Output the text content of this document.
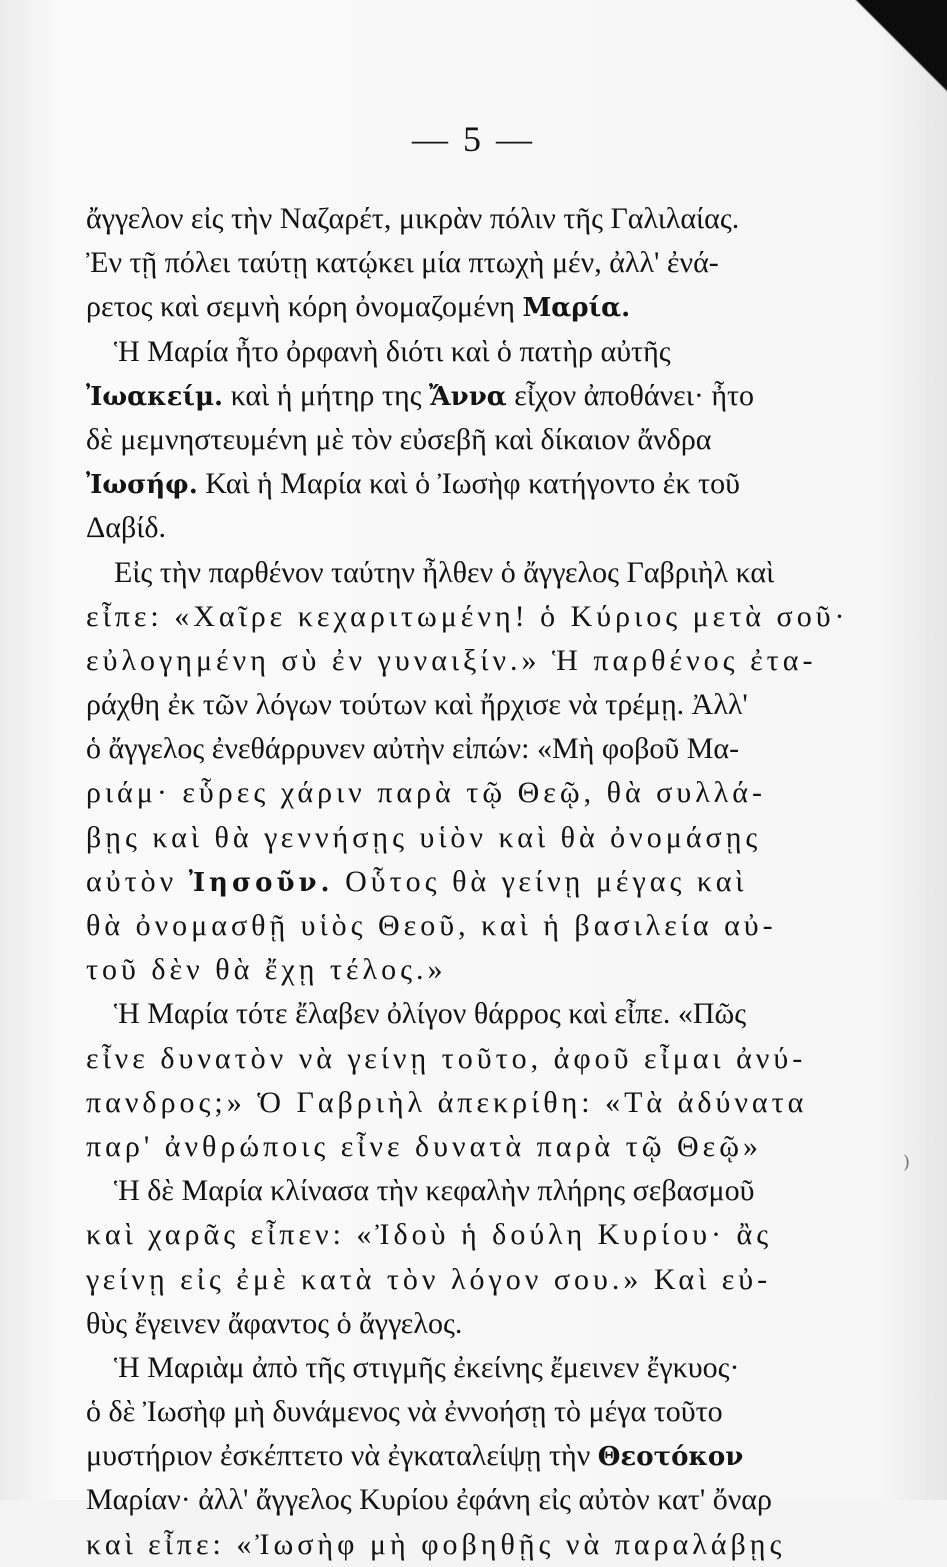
— 5 —
ἄγγελον εἰς τὴν Ναζαρέτ, μικρὰν πόλιν τῆς Γαλιλαίας.
Ἐν τῇ πόλει ταύτῃ κατῴκει μία πτωχὴ μέν, ἀλλ' ἐνά-
ρετος καὶ σεμνὴ κόρη ὀνομαζομένη Μαρία.
Ἡ Μαρία ἦτο ὀρφανὴ διότι καὶ ὁ πατὴρ αὐτῆς
Ἰωακείμ. καὶ ἡ μήτηρ της Ἄννα εἶχον ἀποθάνει· ἦτο
δὲ μεμνηστευμένη μὲ τὸν εὐσεβῆ καὶ δίκαιον ἄνδρα
Ἰωσήφ. Καὶ ἡ Μαρία καὶ ὁ Ἰωσὴφ κατήγοντο ἐκ τοῦ
Δαβίδ.
Εἰς τὴν παρθένον ταύτην ἦλθεν ὁ ἄγγελος Γαβριὴλ καὶ
εἶπε: «Χαῖρε κεχαριτωμένη! ὁ Κύριος μετὰ σοῦ·
εὐλογημένη σὺ ἐν γυναιξίν.» Ἡ παρθένος ἐτα-
ράχθη ἐκ τῶν λόγων τούτων καὶ ἤρχισε νὰ τρέμῃ. Ἀλλ'
ὁ ἄγγελος ἐνεθάρρυνεν αὐτὴν εἰπών: «Μὴ φοβοῦ Μα-
ριάμ· εὗρες χάριν παρὰ τῷ Θεῷ, θὰ συλλά-
βῃς καὶ θὰ γεννήσῃς υἱὸν καὶ θὰ ὀνομάσῃς
αὐτὸν Ἰησοῦν. Οὗτος θὰ γείνῃ μέγας καὶ
θὰ ὀνομασθῇ υἱὸς Θεοῦ, καὶ ἡ βασιλεία αὐ-
τοῦ δὲν θὰ ἔχῃ τέλος.»
Ἡ Μαρία τότε ἔλαβεν ὀλίγον θάρρος καὶ εἶπε. «Πῶς
εἶνε δυνατὸν νὰ γείνῃ τοῦτο, ἀφοῦ εἶμαι ἀνύ-
πανδρος;» Ὁ Γαβριὴλ ἀπεκρίθη: «Τὰ ἀδύνατα
παρ' ἀνθρώποις εἶνε δυνατὰ παρὰ τῷ Θεῷ»
Ἡ δὲ Μαρία κλίνασα τὴν κεφαλὴν πλήρης σεβασμοῦ
καὶ χαρᾶς εἶπεν: «Ἰδοὺ ἡ δούλη Κυρίου· ἂς
γείνῃ εἰς ἐμὲ κατὰ τὸν λόγον σου.» Καὶ εὐ-
θὺς ἔγεινεν ἄφαντος ὁ ἄγγελος.
Ἡ Μαριὰμ ἀπὸ τῆς στιγμῆς ἐκείνης ἔμεινεν ἔγκυος·
ὁ δὲ Ἰωσὴφ μὴ δυνάμενος νὰ ἐννοήσῃ τὸ μέγα τοῦτο
μυστήριον ἐσκέπτετο νὰ ἐγκαταλείψῃ τὴν Θεοτόκον
Μαρίαν· ἀλλ' ἄγγελος Κυρίου ἐφάνη εἰς αὐτὸν κατ' ὄναρ
καὶ εἶπε: «Ἰωσὴφ μὴ φοβηθῇς νὰ παραλάβῃς
)
